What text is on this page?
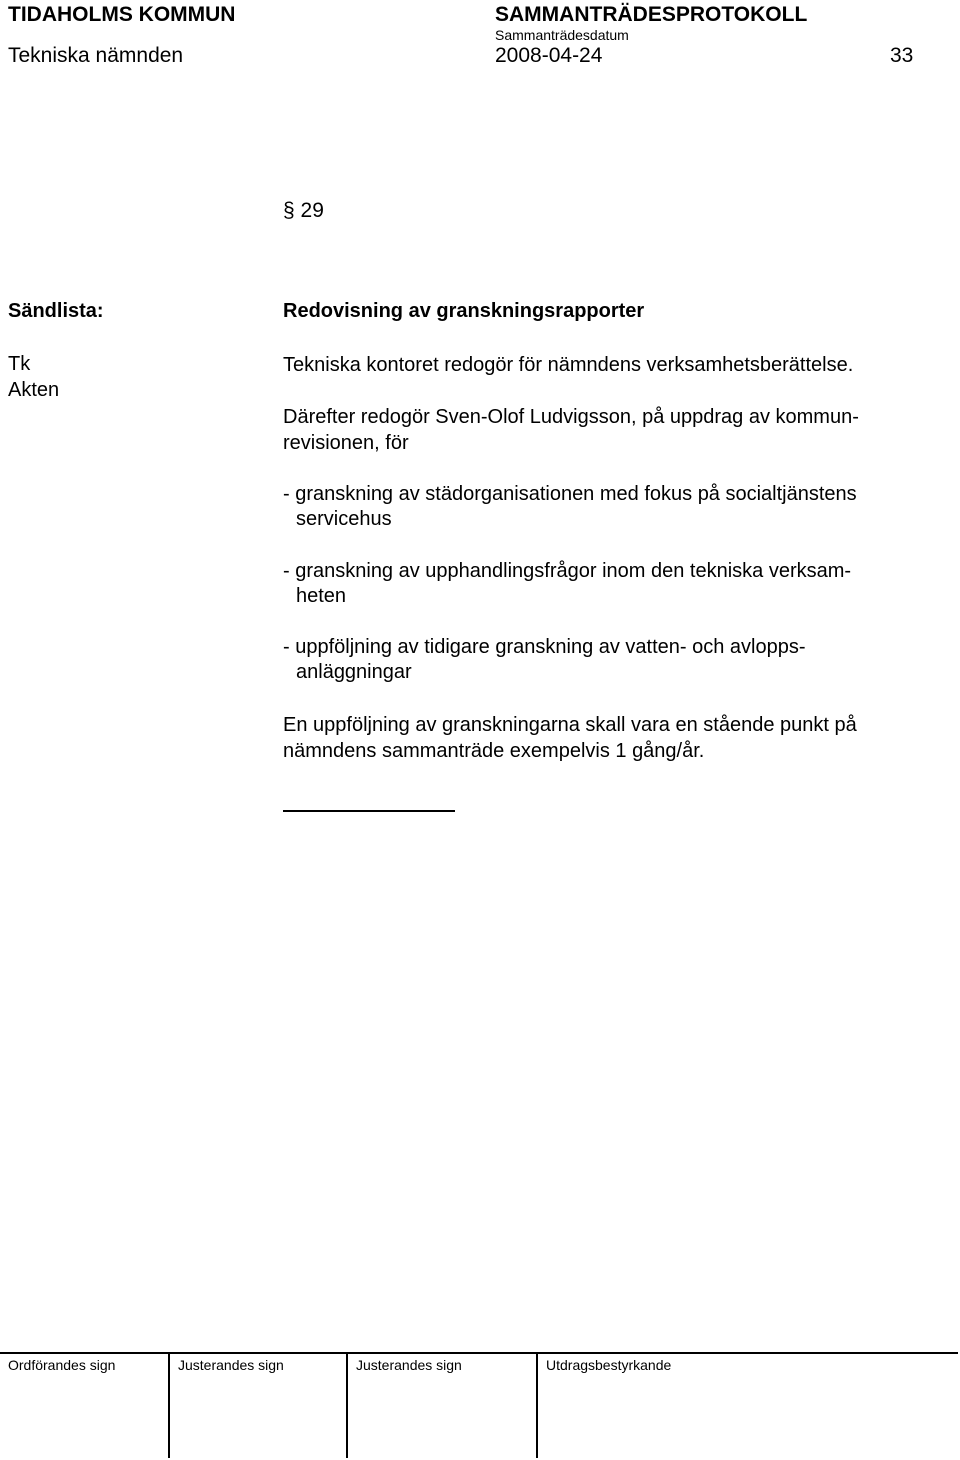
TIDAHOLMS KOMMUN	SAMMANTRÄDESPROTOKOLL
Sammanträdesdatum
Tekniska nämnden	2008-04-24	33
§ 29
Sändlista:
Tk
Akten
Redovisning av granskningsrapporter
Tekniska kontoret redogör för nämndens verksamhetsberättelse.
Därefter redogör Sven-Olof Ludvigsson, på uppdrag av kommun-
revisionen, för
- granskning av städorganisationen med fokus på socialtjänstens
servicehus
- granskning av upphandlingsfrågor inom den tekniska verksam-
heten
- uppföljning av tidigare granskning av vatten- och avlopps-
anläggningar
En uppföljning av granskningarna skall vara en stående punkt på
nämndens sammanträde exempelvis 1 gång/år.
Ordförandes sign	Justerandes sign	Justerandes sign	Utdragsbestyrkande
